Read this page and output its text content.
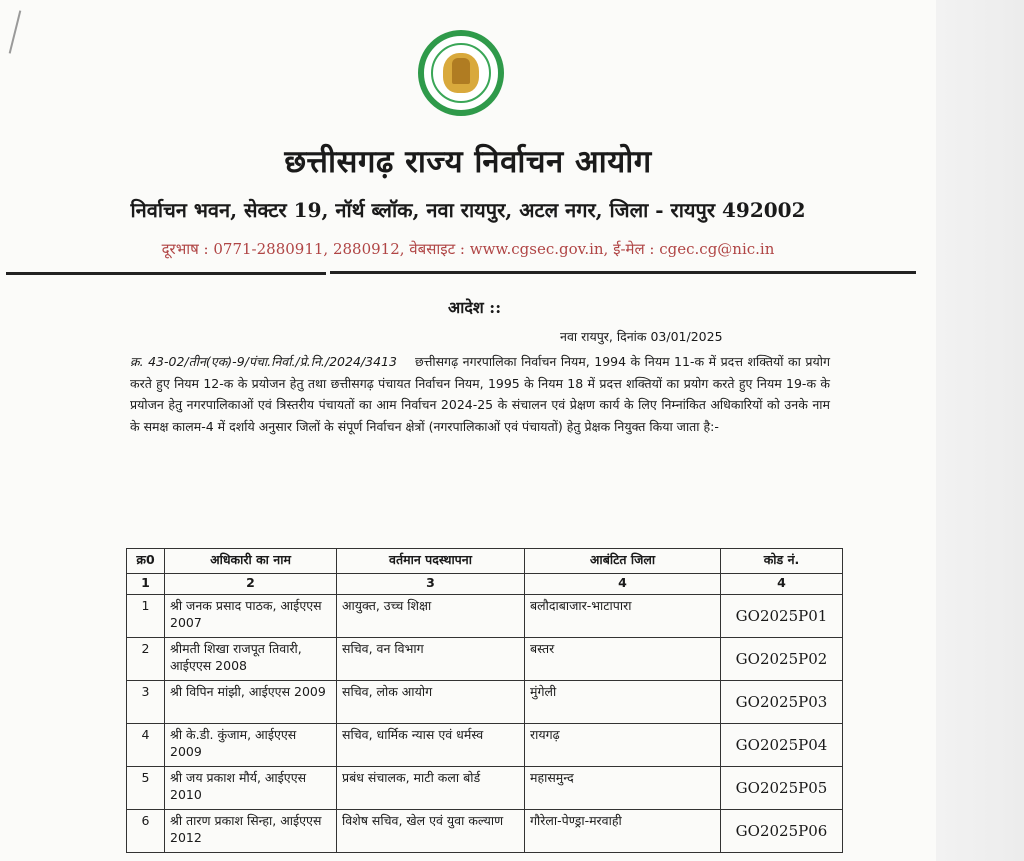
छत्तीसगढ़ राज्य निर्वाचन आयोग
निर्वाचन भवन, सेक्टर 19, नॉर्थ ब्लॉक, नवा रायपुर, अटल नगर, जिला - रायपुर 492002
दूरभाष : 0771-2880911, 2880912, वेबसाइट : www.cgsec.gov.in, ई-मेल : cgec.cg@nic.in
आदेश ::
नवा रायपुर, दिनांक 03/01/2025
क्र. 43-02/तीन(एक)-9/पंचा.निर्वा./प्रे.नि./2024/3413 छत्तीसगढ़ नगरपालिका निर्वाचन नियम, 1994 के नियम 11-क में प्रदत्त शक्तियों का प्रयोग करते हुए नियम 12-क के प्रयोजन हेतु तथा छत्तीसगढ़ पंचायत निर्वाचन नियम, 1995 के नियम 18 में प्रदत्त शक्तियों का प्रयोग करते हुए नियम 19-क के प्रयोजन हेतु नगरपालिकाओं एवं त्रिस्तरीय पंचायतों का आम निर्वाचन 2024-25 के संचालन एवं प्रेक्षण कार्य के लिए निम्नांकित अधिकारियों को उनके नाम के समक्ष कालम-4 में दर्शाये अनुसार जिलों के संपूर्ण निर्वाचन क्षेत्रों (नगरपालिकाओं एवं पंचायतों) हेतु प्रेक्षक नियुक्त किया जाता है:-
क्र0	अधिकारी का नाम	वर्तमान पदस्थापना	आबंटित जिला	कोड नं.
1	2	3	4	4
1	श्री जनक प्रसाद पाठक, आईएएस 2007	आयुक्त, उच्च शिक्षा	बलौदाबाजार-भाटापारा	GO2025P01
2	श्रीमती शिखा राजपूत तिवारी, आईएएस 2008	सचिव, वन विभाग	बस्तर	GO2025P02
3	श्री विपिन मांझी, आईएएस 2009	सचिव, लोक आयोग	मुंगेली	GO2025P03
4	श्री के.डी. कुंजाम, आईएएस 2009	सचिव, धार्मिक न्यास एवं धर्मस्व	रायगढ़	GO2025P04
5	श्री जय प्रकाश मौर्य, आईएएस 2010	प्रबंध संचालक, माटी कला बोर्ड	महासमुन्द	GO2025P05
6	श्री तारण प्रकाश सिन्हा, आईएएस 2012	विशेष सचिव, खेल एवं युवा कल्याण	गौरेला-पेण्ड्रा-मरवाही	GO2025P06
